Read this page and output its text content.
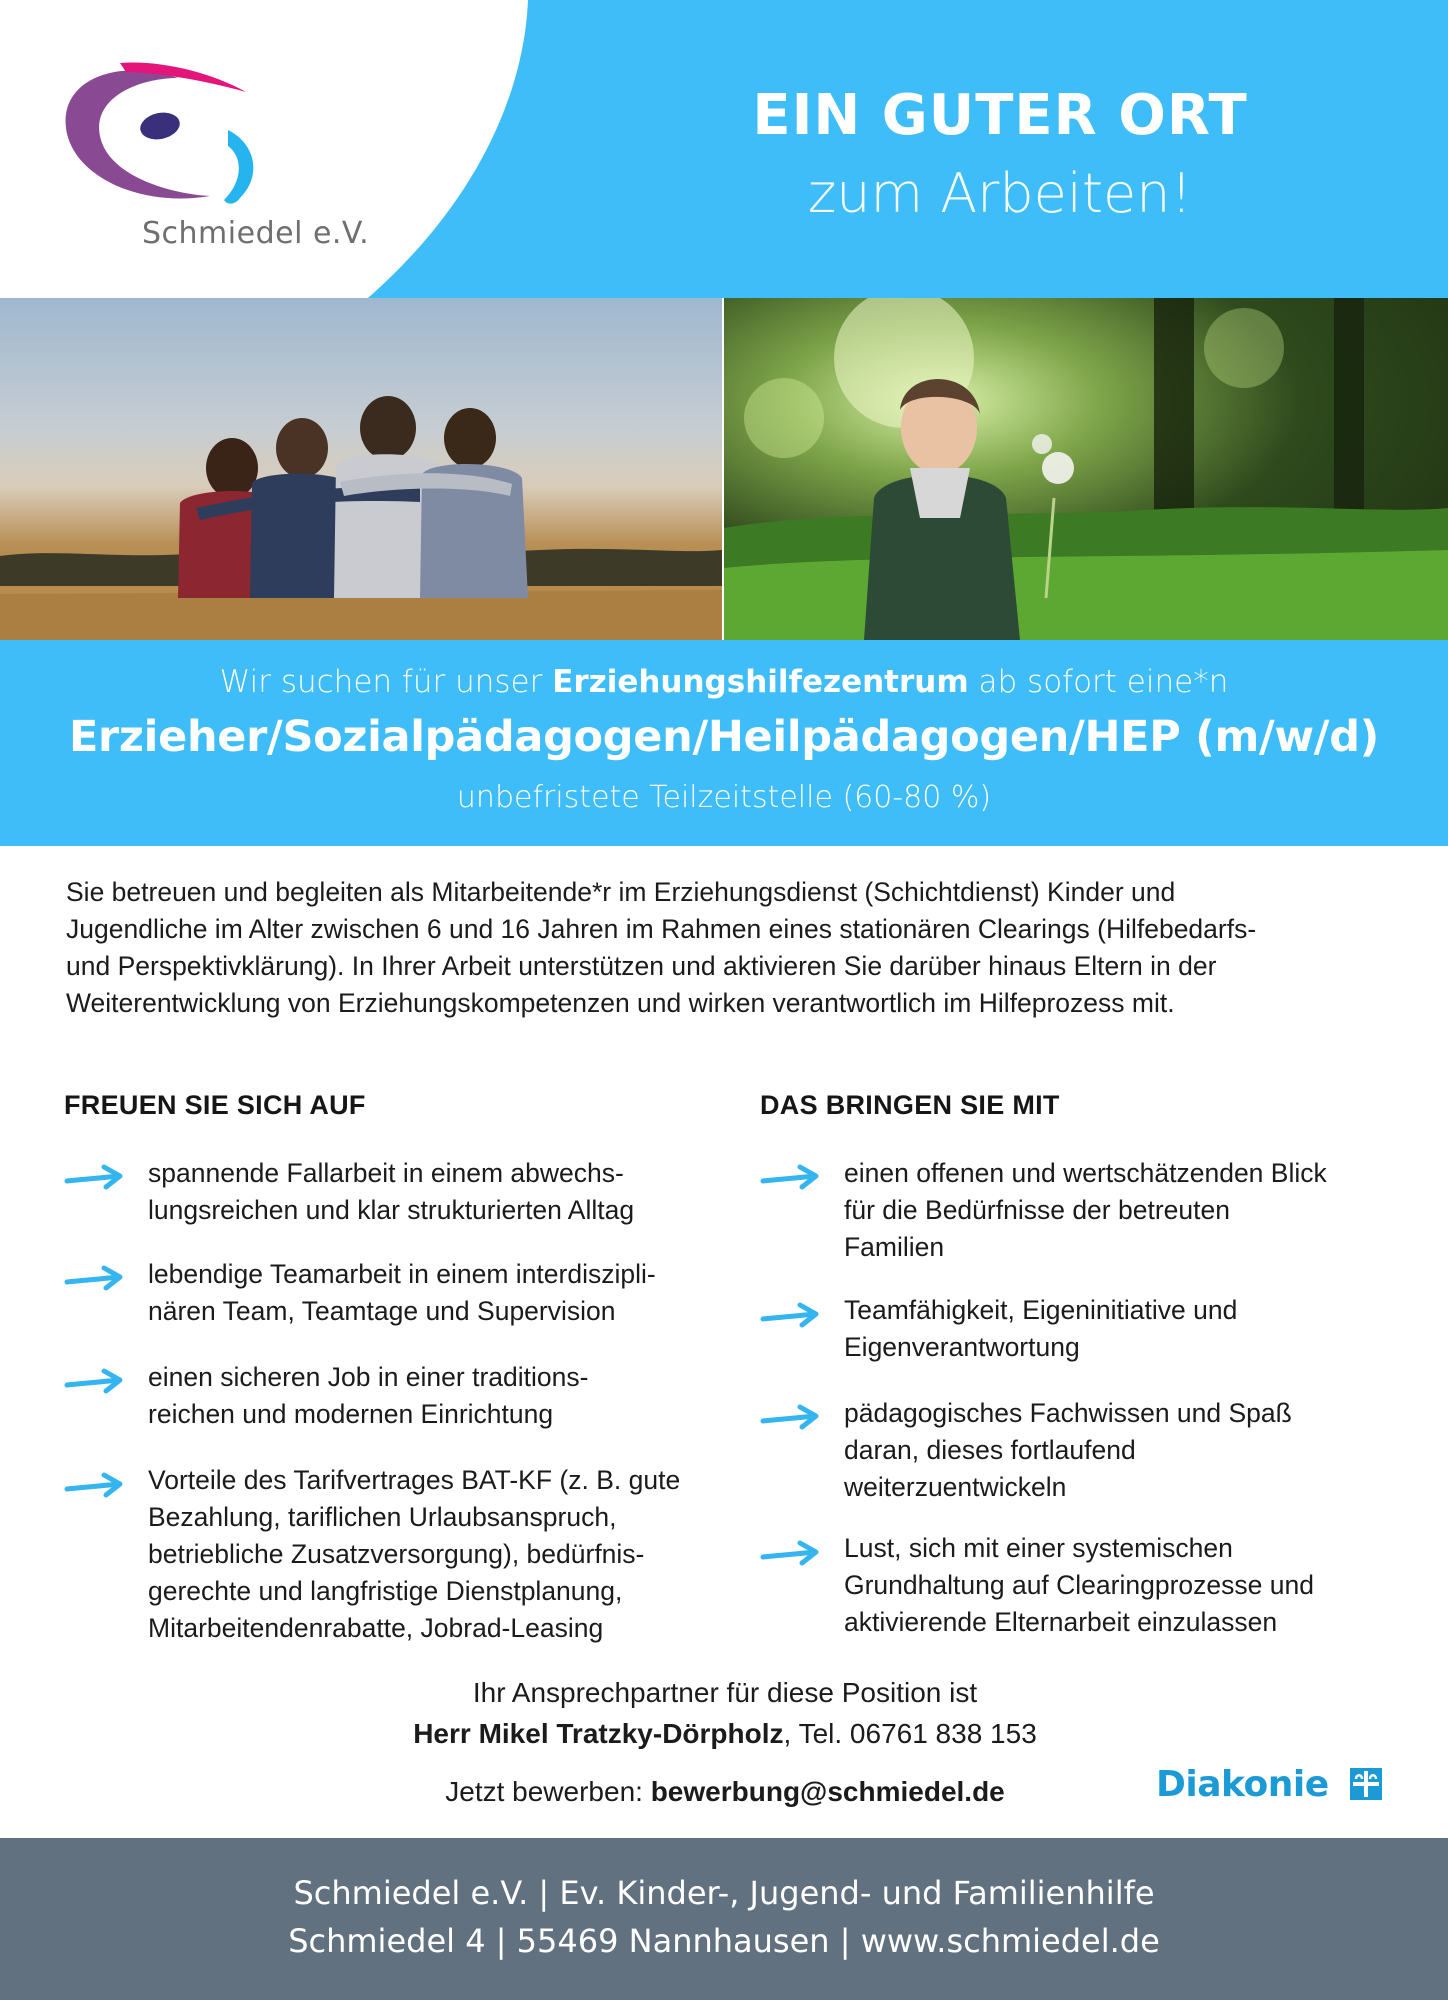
Schmiedel e.V.
EIN GUTER ORT
zum Arbeiten!
Wir suchen für unser Erziehungshilfezentrum ab sofort eine*n
Erzieher/Sozialpädagogen/Heilpädagogen/HEP (m/w/d)
unbefristete Teilzeitstelle (60-80 %)
Sie betreuen und begleiten als Mitarbeitende*r im Erziehungsdienst (Schichtdienst) Kinder und
Jugendliche im Alter zwischen 6 und 16 Jahren im Rahmen eines stationären Clearings (Hilfebedarfs-
und Perspektivklärung). In Ihrer Arbeit unterstützen und aktivieren Sie darüber hinaus Eltern in der
Weiterentwicklung von Erziehungskompetenzen und wirken verantwortlich im Hilfeprozess mit.
FREUEN SIE SICH AUF
spannende Fallarbeit in einem abwechs-
lungsreichen und klar strukturierten Alltag
lebendige Teamarbeit in einem interdiszipli-
nären Team, Teamtage und Supervision
einen sicheren Job in einer traditions-
reichen und modernen Einrichtung
Vorteile des Tarifvertrages BAT-KF (z. B. gute
Bezahlung, tariflichen Urlaubsanspruch,
betriebliche Zusatzversorgung), bedürfnis-
gerechte und langfristige Dienstplanung,
Mitarbeitendenrabatte, Jobrad-Leasing
DAS BRINGEN SIE MIT
einen offenen und wertschätzenden Blick
für die Bedürfnisse der betreuten
Familien
Teamfähigkeit, Eigeninitiative und
Eigenverantwortung
pädagogisches Fachwissen und Spaß
daran, dieses fortlaufend
weiterzuentwickeln
Lust, sich mit einer systemischen
Grundhaltung auf Clearingprozesse und
aktivierende Elternarbeit einzulassen
Ihr Ansprechpartner für diese Position ist
Herr Mikel Tratzky-Dörpholz, Tel. 06761 838 153
Jetzt bewerben: bewerbung@schmiedel.de	Diakonie
Schmiedel e.V. | Ev. Kinder-, Jugend- und Familienhilfe
Schmiedel 4 | 55469 Nannhausen | www.schmiedel.de
